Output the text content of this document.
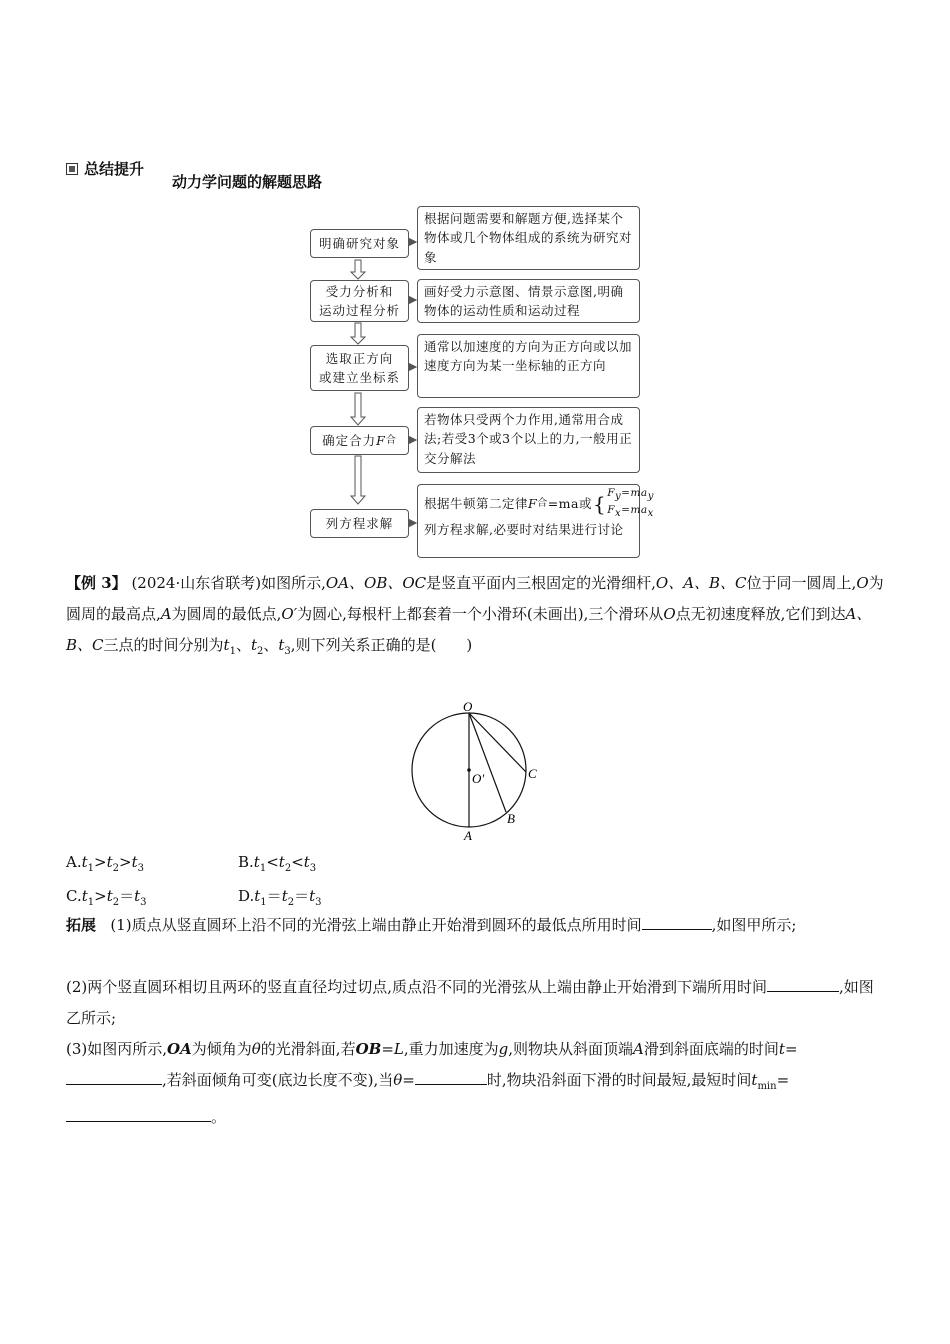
总结提升
动力学问题的解题思路
明确研究对象
根据问题需要和解题方便,选择某个物体或几个物体组成的系统为研究对象
受力分析和
运动过程分析
画好受力示意图、情景示意图,明确物体的运动性质和运动过程
选取正方向
或建立坐标系
通常以加速度的方向为正方向或以加速度方向为某一坐标轴的正方向
确定合力 F 合
若物体只受两个力作用,通常用合成法;若受3个或3个以上的力,一般用正交分解法
列方程求解
根据牛顿第二定律 F 合 =ma或 { $F_y=ma_y$
$F_x=ma_x$
列方程求解,必要时对结果进行讨论
【例 3】 (2024·山东省联考)如图所示,OA、OB、OC是竖直平面内三根固定的光滑细杆,O、A、B、C位于同一圆周上,O为圆周的最高点,A为圆周的最低点,O′为圆心,每根杆上都套着一个小滑环(未画出),三个滑环从O点无初速度释放,它们到达A、B、C三点的时间分别为$t_1$、$t_2$、$t_3$,则下列关系正确的是(　　)
O
A
B
C
O′
$A.t_1>t_2>t_3$	$B.t_1<t_2<t_3$
$C.t_1>t_2=t_3$	$D.t_1=t_2=t_3$
拓展 (1)质点从竖直圆环上沿不同的光滑弦上端由静止开始滑到圆环的最低点所用时间	,如图甲所示;
(2)两个竖直圆环相切且两环的竖直直径均过切点,质点沿不同的光滑弦从上端由静止开始滑到下端所用时间	,如图乙所示;
(3)如图丙所示,OA为倾角为θ的光滑斜面,若OB=L,重力加速度为g,则物块从斜面顶端A滑到斜面底端的时间t=,若斜面倾角可变(底边长度不变),当θ=	时,物块沿斜面下滑的时间最短,最短时间$t_{min}=$。
